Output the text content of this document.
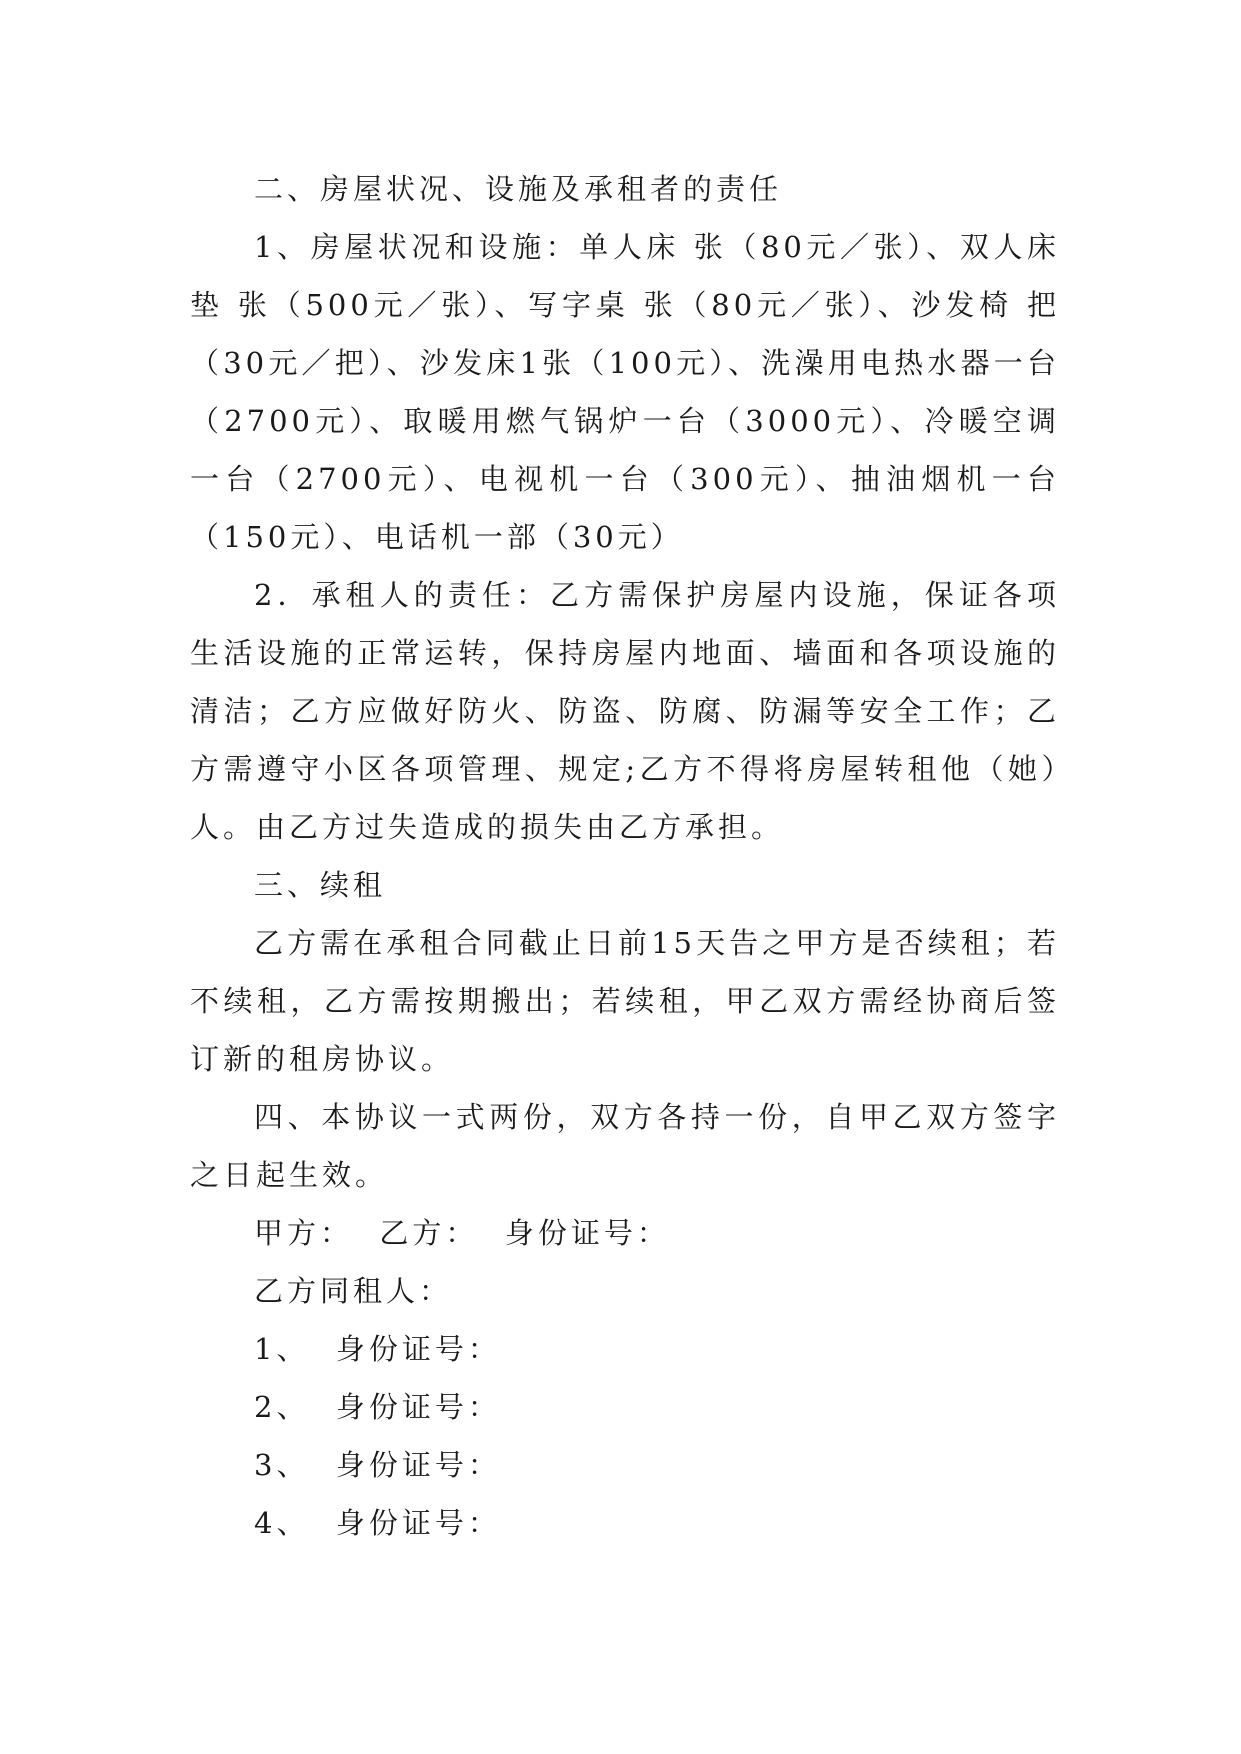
二、房屋状况、设施及承租者的责任

1、房屋状况和设施：单人床 张（80元／张）、双人床垫 张（500元／张）、写字桌 张（80元／张）、沙发椅 把（30元／把）、沙发床1张（100元）、洗澡用电热水器一台（2700元）、取暖用燃气锅炉一台（3000元）、冷暖空调一台（2700元）、电视机一台（300元）、抽油烟机一台（150元）、电话机一部（30元）

2．承租人的责任：乙方需保护房屋内设施，保证各项生活设施的正常运转，保持房屋内地面、墙面和各项设施的清洁；乙方应做好防火、防盗、防腐、防漏等安全工作；乙方需遵守小区各项管理、规定;乙方不得将房屋转租他（她）人。由乙方过失造成的损失由乙方承担。

三、续租

乙方需在承租合同截止日前15天告之甲方是否续租；若不续租，乙方需按期搬出；若续租，甲乙双方需经协商后签订新的租房协议。

四、本协议一式两份，双方各持一份，自甲乙双方签字之日起生效。

甲方：  乙方：  身份证号：

乙方同租人：

1、  身份证号：

2、  身份证号：

3、  身份证号：

4、  身份证号：
